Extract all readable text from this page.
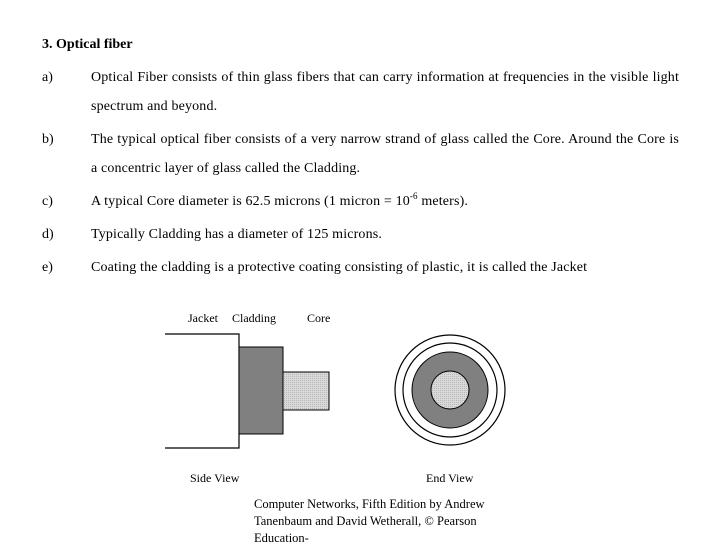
3. Optical fiber
a)	Optical Fiber consists of thin glass fibers that can carry information at frequencies in the visible light spectrum and beyond.
b)	The typical optical fiber consists of a very narrow strand of glass called the Core. Around the Core is a concentric layer of glass called the Cladding.
c)	A typical Core diameter is 62.5 microns (1 micron = $10^{-6}$ meters).
d)	Typically Cladding has a diameter of 125 microns.
e)	Coating the cladding is a protective coating consisting of plastic, it is called the Jacket
Jacket Cladding	Core
Side View	End View
Computer Networks, Fifth Edition by Andrew Tanenbaum and David Wetherall, © Pearson Education-
